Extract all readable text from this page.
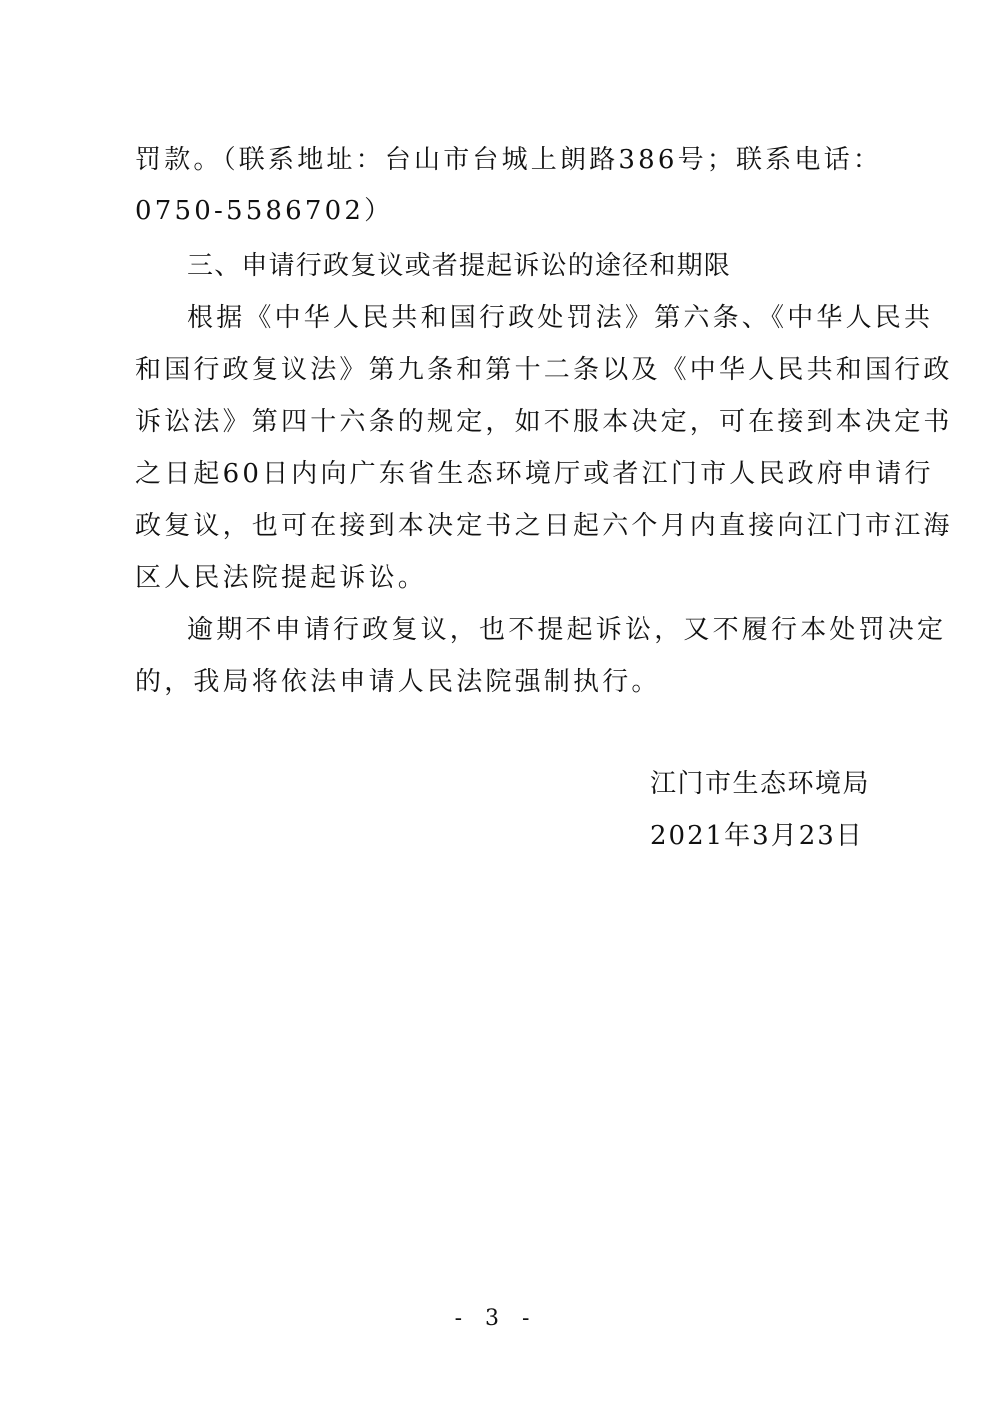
罚款。（联系地址：台山市台城上朗路386号；联系电话：
0750-5586702）
三、申请行政复议或者提起诉讼的途径和期限
根据《中华人民共和国行政处罚法》第六条、《中华人民共
和国行政复议法》第九条和第十二条以及《中华人民共和国行政
诉讼法》第四十六条的规定，如不服本决定，可在接到本决定书
之日起60日内向广东省生态环境厅或者江门市人民政府申请行
政复议，也可在接到本决定书之日起六个月内直接向江门市江海
区人民法院提起诉讼。
逾期不申请行政复议，也不提起诉讼，又不履行本处罚决定
的，我局将依法申请人民法院强制执行。
江门市生态环境局
2021年3月23日
- 3 -
